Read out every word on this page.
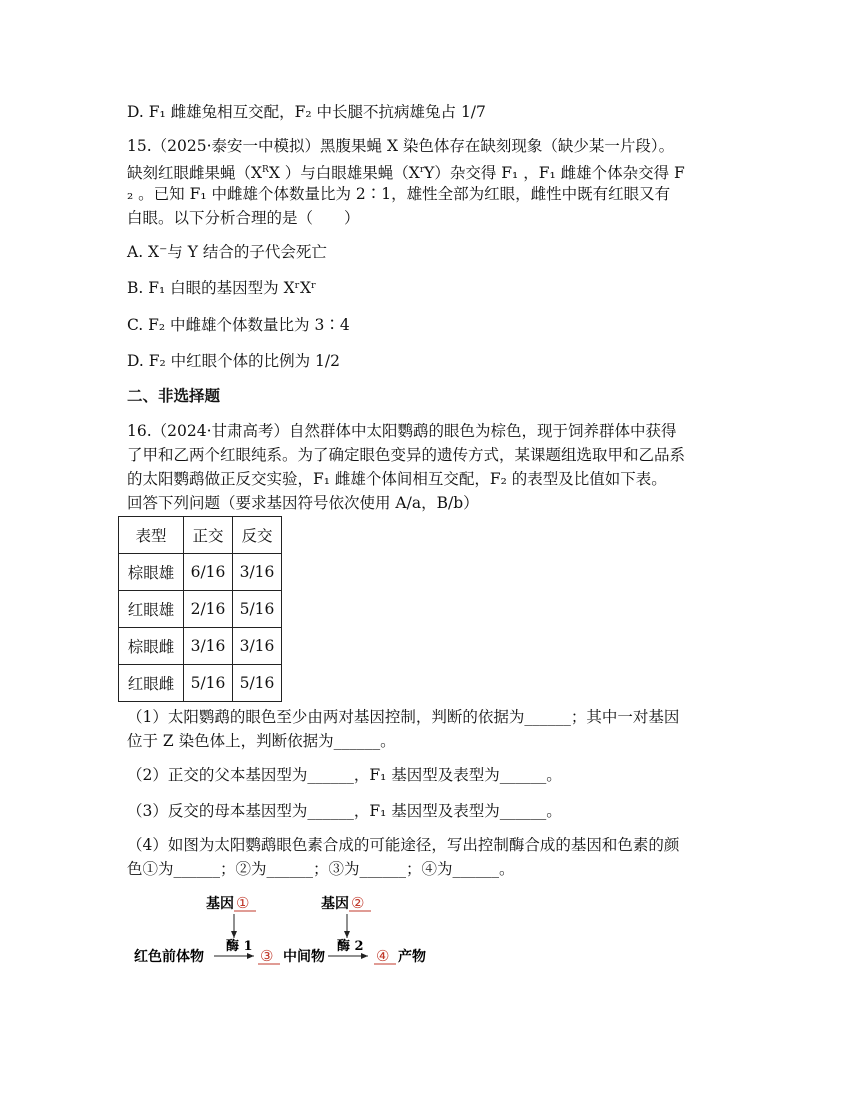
D. F₁ 雌雄兔相互交配，F₂ 中长腿不抗病雄兔占 1/7
15.（2025·泰安一中模拟）黑腹果蝇 X 染色体存在缺刻现象（缺少某一片段）。
缺刻红眼雌果蝇（$X^RX$ ）与白眼雄果蝇$(X^rY)$杂交得 F₁ ，F₁ 雌雄个体杂交得 F
₂ 。已知 F₁ 中雌雄个体数量比为 2∶1，雄性全部为红眼，雌性中既有红眼又有
白眼。以下分析合理的是（　　）
A. X⁻与 Y 结合的子代会死亡
B. F₁ 白眼的基因型为 XʳXʳ
C. F₂ 中雌雄个体数量比为 3∶4
D. F₂ 中红眼个体的比例为 1/2
二、非选择题
16.（2024·甘肃高考）自然群体中太阳鹦鹉的眼色为棕色，现于饲养群体中获得
了甲和乙两个红眼纯系。为了确定眼色变异的遗传方式，某课题组选取甲和乙品系
的太阳鹦鹉做正反交实验，F₁ 雌雄个体间相互交配，F₂ 的表型及比值如下表。
回答下列问题（要求基因符号依次使用 A/a，B/b）
表型	正交	反交
棕眼雄	6/16	3/16
红眼雄	2/16	5/16
棕眼雌	3/16	3/16
红眼雌	5/16	5/16
（1）太阳鹦鹉的眼色至少由两对基因控制，判断的依据为______；其中一对基因
位于 Z 染色体上，判断依据为______。
（2）正交的父本基因型为______，F₁ 基因型及表型为______。
（3）反交的母本基因型为______，F₁ 基因型及表型为______。
（4）如图为太阳鹦鹉眼色素合成的可能途径，写出控制酶合成的基因和色素的颜
色①为______；②为______；③为______；④为______。
基因 ①	基因 ②
酶 1	酶 2
红色前体物	③ 中间物	④ 产物
